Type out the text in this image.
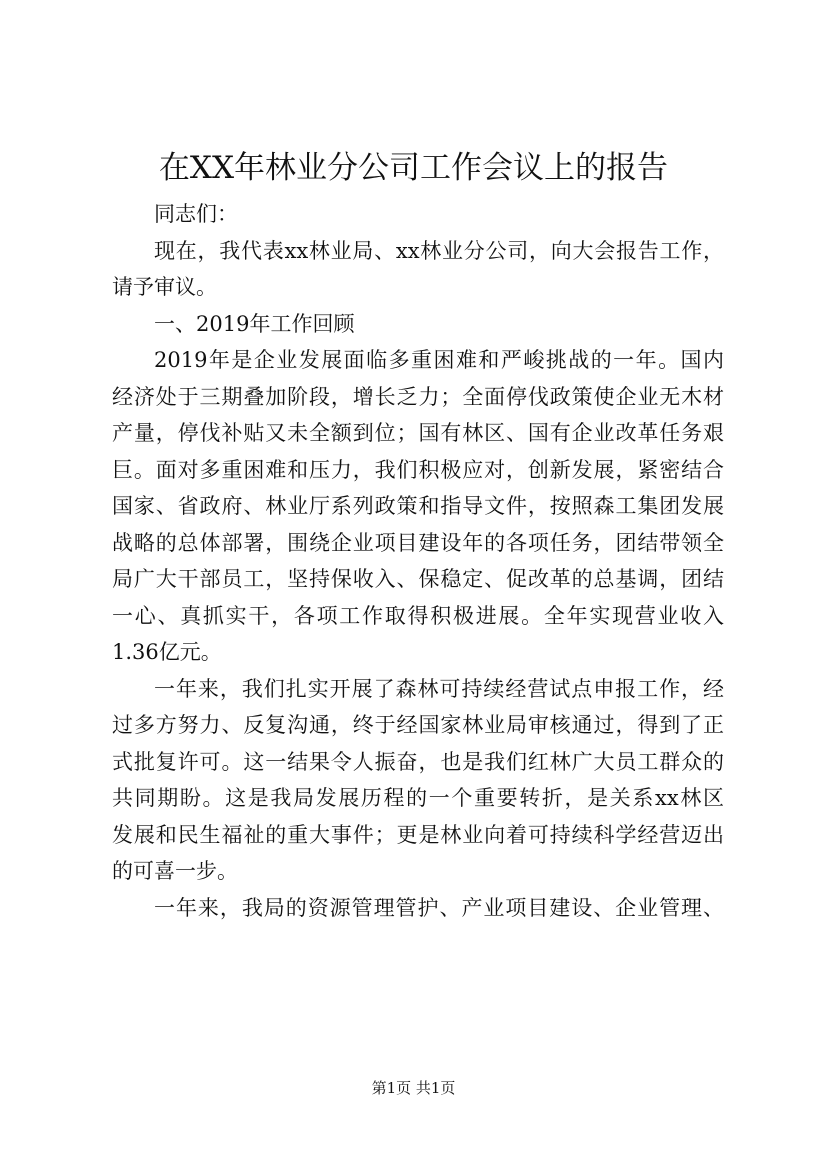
在XX年林业分公司工作会议上的报告
同志们：
现在，我代表xx林业局、xx林业分公司，向大会报告工作，
请予审议。
一、2019年工作回顾
2019年是企业发展面临多重困难和严峻挑战的一年。国内
经济处于三期叠加阶段，增长乏力；全面停伐政策使企业无木材
产量，停伐补贴又未全额到位；国有林区、国有企业改革任务艰
巨。面对多重困难和压力，我们积极应对，创新发展，紧密结合
国家、省政府、林业厅系列政策和指导文件，按照森工集团发展
战略的总体部署，围绕企业项目建设年的各项任务，团结带领全
局广大干部员工，坚持保收入、保稳定、促改革的总基调，团结
一心、真抓实干，各项工作取得积极进展。全年实现营业收入
1.36亿元。
一年来，我们扎实开展了森林可持续经营试点申报工作，经
过多方努力、反复沟通，终于经国家林业局审核通过，得到了正
式批复许可。这一结果令人振奋，也是我们红林广大员工群众的
共同期盼。这是我局发展历程的一个重要转折，是关系xx林区
发展和民生福祉的重大事件；更是林业向着可持续科学经营迈出
的可喜一步。
一年来，我局的资源管理管护、产业项目建设、企业管理、
第1页 共1页
